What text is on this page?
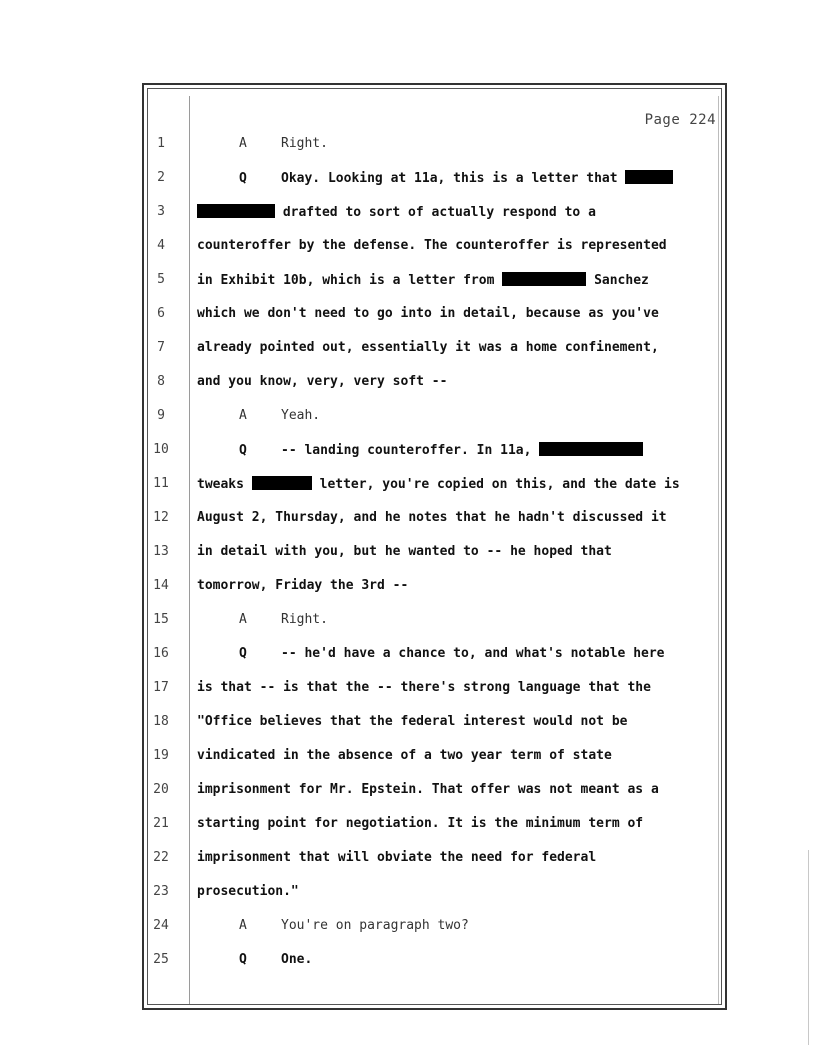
Page 224
1	A	Right.
2	Q	Okay. Looking at 11a, this is a letter that
3	drafted to sort of actually respond to a
4	counteroffer by the defense. The counteroffer is represented
5	in Exhibit 10b, which is a letter from	Sanchez
6	which we don't need to go into in detail, because as you've
7	already pointed out, essentially it was a home confinement,
8	and you know, very, very soft --
9	A	Yeah.
10	Q	-- landing counteroffer. In 11a,
11 tweaks	letter, you're copied on this, and the date is
12 August 2, Thursday, and he notes that he hadn't discussed it
13 in detail with you, but he wanted to -- he hoped that
14 tomorrow, Friday the 3rd --
15	A	Right.
16	Q	-- he'd have a chance to, and what's notable here
17 is that -- is that the -- there's strong language that the
18 "Office believes that the federal interest would not be
19 vindicated in the absence of a two year term of state
20 imprisonment for Mr. Epstein. That offer was not meant as a
21 starting point for negotiation. It is the minimum term of
22 imprisonment that will obviate the need for federal
23 prosecution."
24	A	You're on paragraph two?
25	Q	One.
